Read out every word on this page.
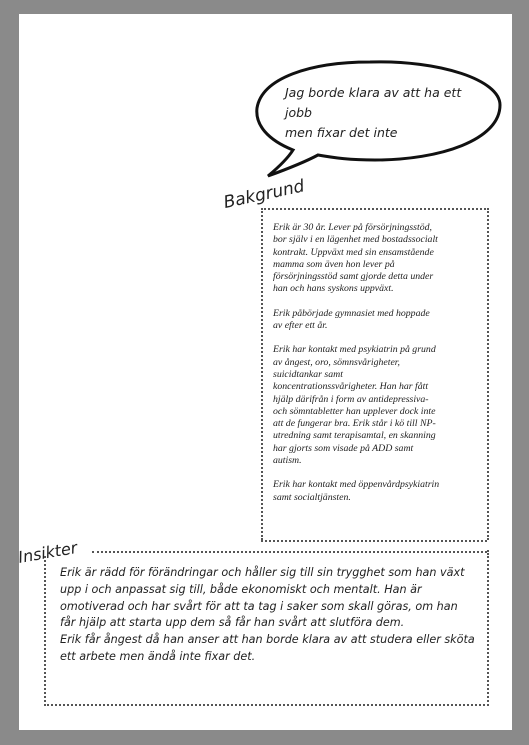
Jag borde klara av att ha ett jobb
men fixar det inte
Bakgrund

Erik är 30 år. Lever på försörjningsstöd,
bor själv i en lägenhet med bostadssocialt
kontrakt. Uppväxt med sin ensamstående
mamma som även hon lever på
försörjningsstöd samt gjorde detta under
han och hans syskons uppväxt.

Erik påbörjade gymnasiet med hoppade
av efter ett år.

Erik har kontakt med psykiatrin på grund
av ångest, oro, sömnsvårigheter,
suicidtankar samt
koncentrationssvårigheter. Han har fått
hjälp därifrån i form av antidepressiva-
och sömntabletter han upplever dock inte
att de fungerar bra. Erik står i kö till NP-
utredning samt terapisamtal, en skanning
har gjorts som visade på ADD samt
autism.

Erik har kontakt med öppenvårdpsykiatrin
samt socialtjänsten.

Insikter

Erik är rädd för förändringar och håller sig till sin trygghet som han växt

upp i och anpassat sig till, både ekonomiskt och mentalt. Han är

omotiverad och har svårt för att ta tag i saker som skall göras, om han

får hjälp att starta upp dem så får han svårt att slutföra dem.

Erik får ångest då han anser att han borde klara av att studera eller sköta

ett arbete men ändå inte fixar det.
